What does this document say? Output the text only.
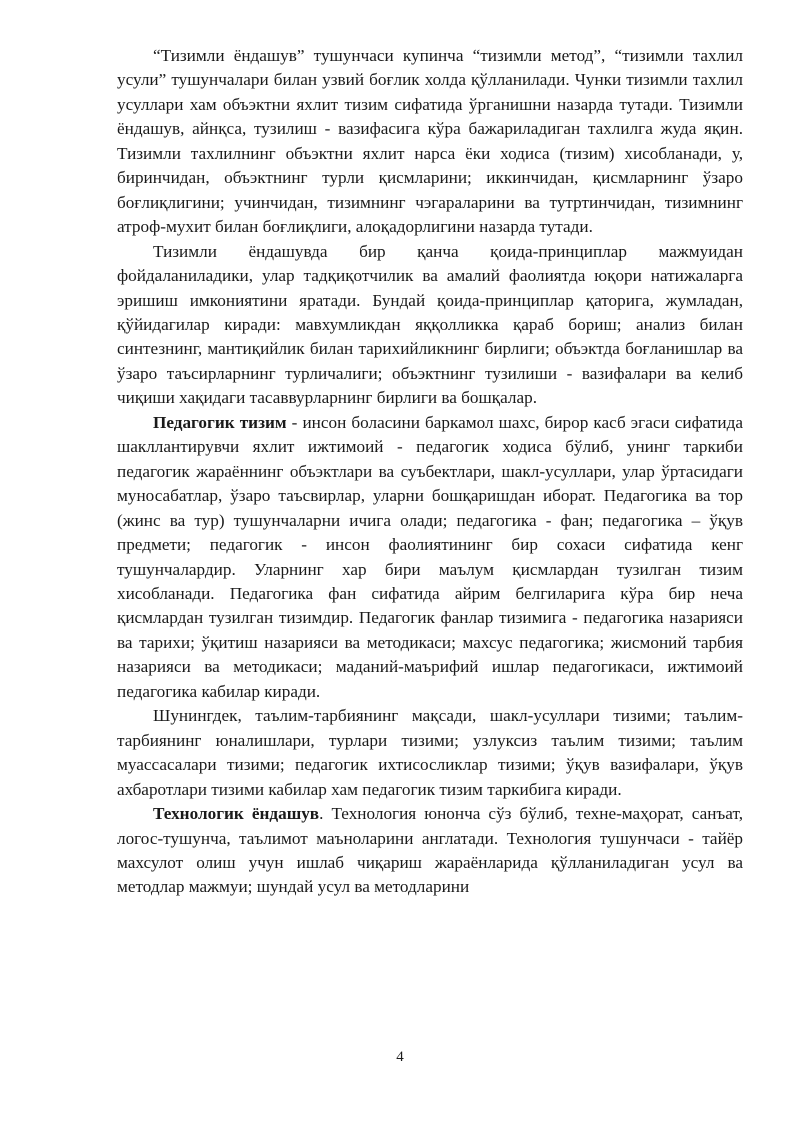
“Тизимли ёндашув” тушунчаси купинча “тизимли метод”, “тизимли тахлил усули” тушунчалари билан узвий боғлик холда қўлланилади. Чунки тизимли тахлил усуллари хам объэктни яхлит тизим сифатида ўрганишни назарда тутади. Тизимли ёндашув, айнқса, тузилиш - вазифасига кўра бажариладиган тахлилга жуда яқин. Тизимли тахлилнинг объэктни яхлит нарса ёки ходиса (тизим) хисобланади, у, биринчидан, объэктнинг турли қисмларини; иккинчидан, қисмларнинг ўзаро боғлиқлигини; учинчидан, тизимнинг чэгараларини ва тутртинчидан, тизимнинг атроф-мухит билан боғлиқлиги, алоқадорлигини назарда тутади.

Тизимли ёндашувда бир қанча қоида-принциплар мажмуидан фойдаланиладики, улар тадқиқотчилик ва амалий фаолиятда юқори натижаларга эришиш имкониятини яратади. Бундай қоида-принциплар қаторига, жумладан, қўйидагилар киради: мавхумликдан яққолликка қараб бориш; анализ билан синтезнинг, мантиқийлик билан тарихийликнинг бирлиги; объэктда боғланишлар ва ўзаро таъсирларнинг турличалиги; объэктнинг тузилиши - вазифалари ва келиб чиқиши хақидаги тасаввурларнинг бирлиги ва бошқалар.

Педагогик тизим - инсон боласини баркамол шахс, бирор касб эгаси сифатида шакллантирувчи яхлит ижтимоий - педагогик ходиса бўлиб, унинг таркиби педагогик жараённинг объэктлари ва суъбектлари, шакл-усуллари, улар ўртасидаги муносабатлар, ўзаро таъсвирлар, уларни бошқаришдан иборат. Педагогика ва тор (жинс ва тур) тушунчаларни ичига олади; педагогика - фан; педагогика – ўқув предмети; педагогик - инсон фаолиятининг бир сохаси сифатида кенг тушунчалардир. Уларнинг хар бири маълум қисмлардан тузилган тизим хисобланади. Педагогика фан сифатида айрим белгиларига кўра бир неча қисмлардан тузилган тизимдир. Педагогик фанлар тизимига - педагогика назарияси ва тарихи; ўқитиш назарияси ва методикаси; махсус педагогика; жисмоний тарбия назарияси ва методикаси; маданий-маърифий ишлар педагогикаси, ижтимоий педагогика кабилар киради.

Шунингдек, таълим-тарбиянинг мақсади, шакл-усуллари тизими; таълим-тарбиянинг юналишлари, турлари тизими; узлуксиз таълим тизими; таълим муассасалари тизими; педагогик ихтисосликлар тизими; ўқув вазифалари, ўқув ахбаротлари тизими кабилар хам педагогик тизим таркибига киради.

Технологик ёндашув. Технология юнонча сўз бўлиб, техне-маҳорат, санъат, логос-тушунча, таълимот маъноларини англатади. Технология тушунчаси - тайёр махсулот олиш учун ишлаб чиқариш жараёнларида қўлланиладиган усул ва методлар мажмуи; шундай усул ва методларини

4
